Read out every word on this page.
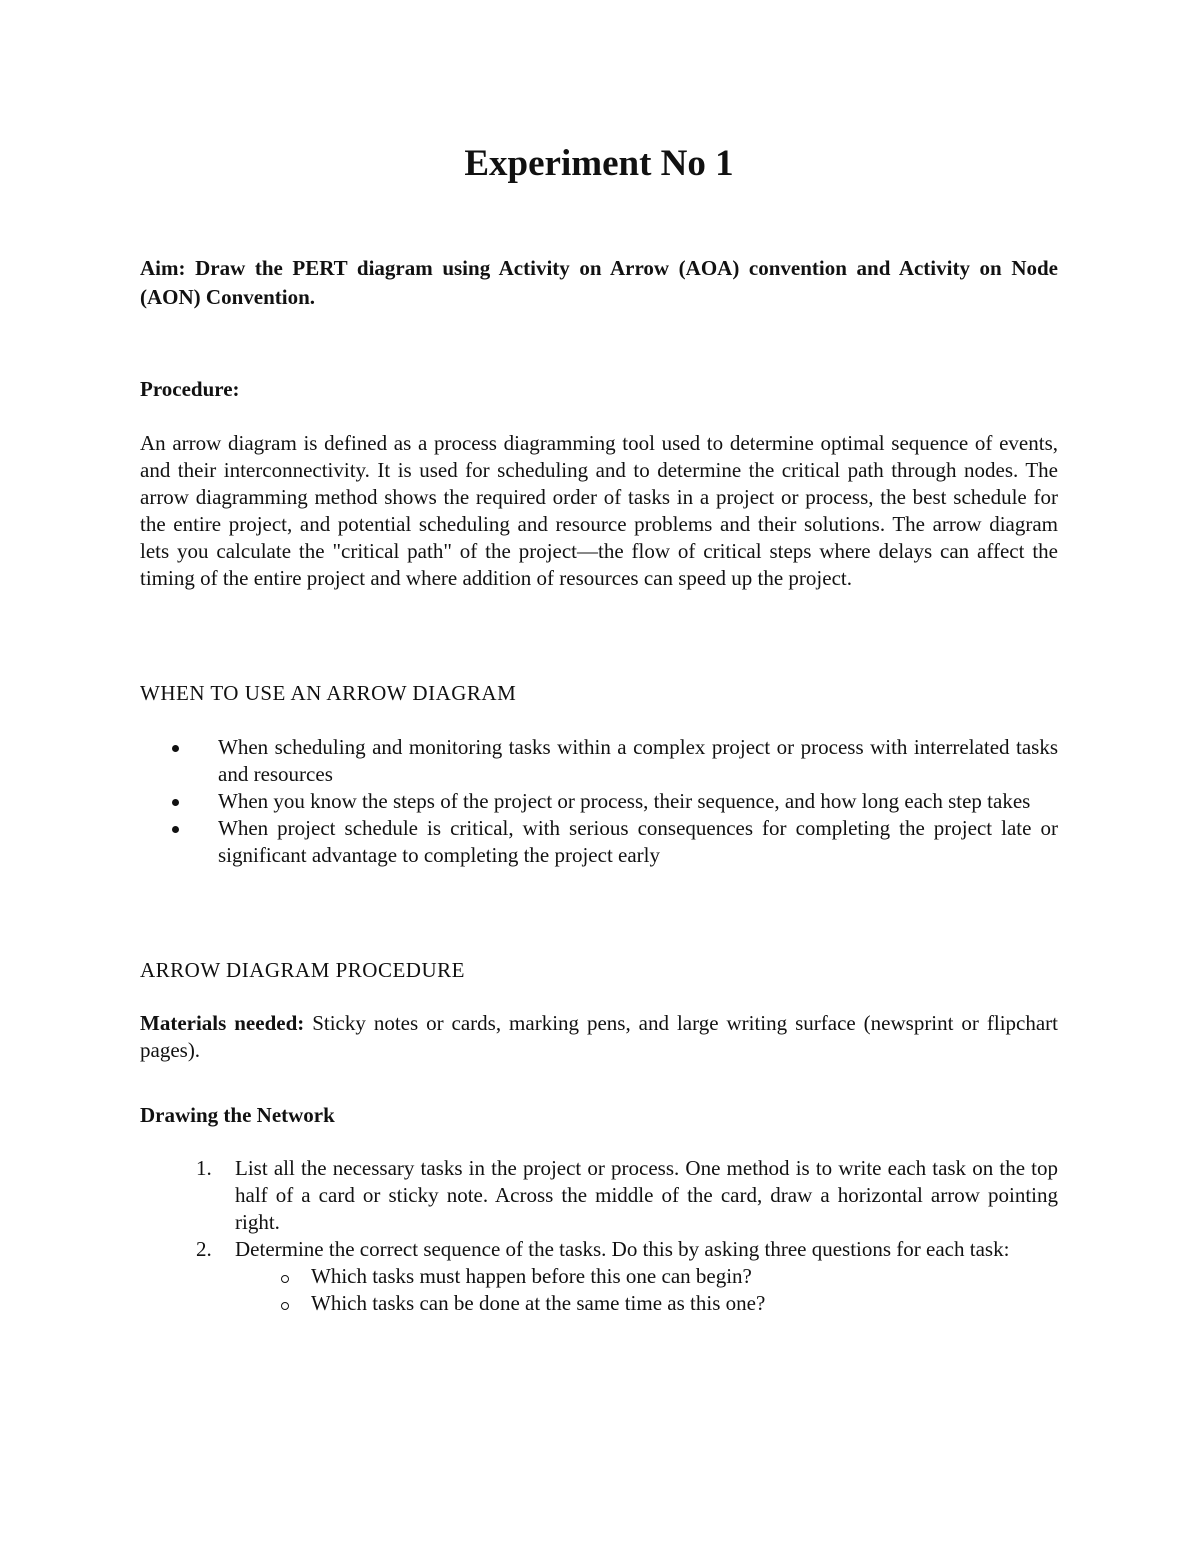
Experiment No 1

Aim: Draw the PERT diagram using Activity on Arrow (AOA) convention and Activity on Node (AON) Convention.

Procedure:

An arrow diagram is defined as a process diagramming tool used to determine optimal sequence of events, and their interconnectivity. It is used for scheduling and to determine the critical path through nodes. The arrow diagramming method shows the required order of tasks in a project or process, the best schedule for the entire project, and potential scheduling and resource problems and their solutions. The arrow diagram lets you calculate the "critical path" of the project—the flow of critical steps where delays can affect the timing of the entire project and where addition of resources can speed up the project.

WHEN TO USE AN ARROW DIAGRAM

When scheduling and monitoring tasks within a complex project or process with interrelated tasks and resources
When you know the steps of the project or process, their sequence, and how long each step takes
When project schedule is critical, with serious consequences for completing the project late or significant advantage to completing the project early

ARROW DIAGRAM PROCEDURE

Materials needed: Sticky notes or cards, marking pens, and large writing surface (newsprint or flipchart pages).

Drawing the Network

1. List all the necessary tasks in the project or process. One method is to write each task on the top half of a card or sticky note. Across the middle of the card, draw a horizontal arrow pointing right.
2. Determine the correct sequence of the tasks. Do this by asking three questions for each task:
Which tasks must happen before this one can begin?
Which tasks can be done at the same time as this one?
